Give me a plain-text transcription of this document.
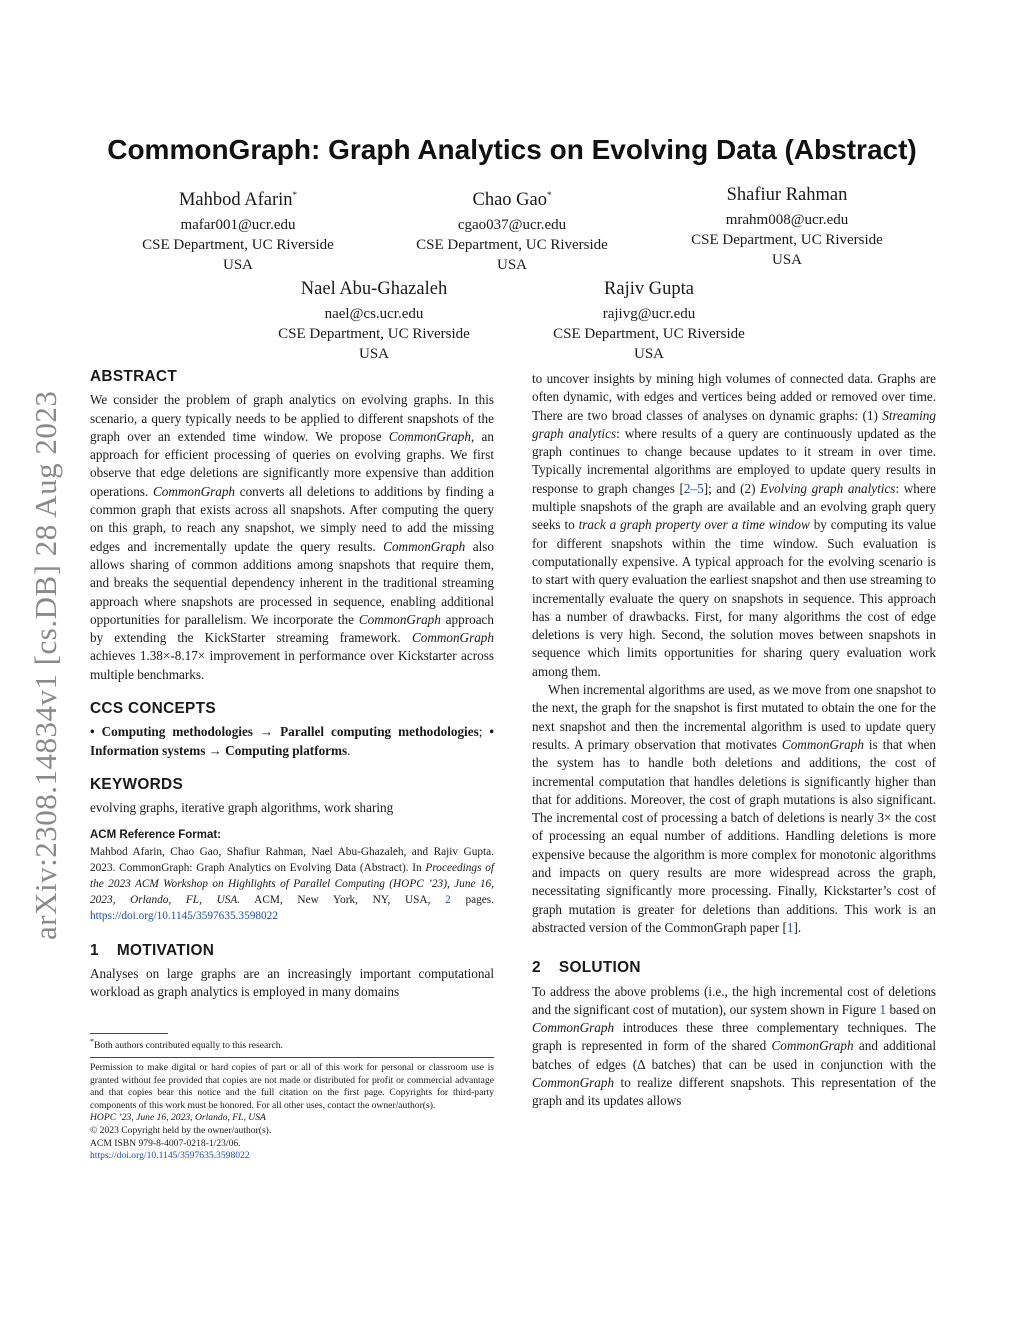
arXiv:2308.14834v1 [cs.DB] 28 Aug 2023
CommonGraph: Graph Analytics on Evolving Data (Abstract)
Mahbod Afarin*
mafar001@ucr.edu
CSE Department, UC Riverside
USA
Chao Gao*
cgao037@ucr.edu
CSE Department, UC Riverside
USA
Shafiur Rahman
mrahm008@ucr.edu
CSE Department, UC Riverside
USA
Nael Abu-Ghazaleh
nael@cs.ucr.edu
CSE Department, UC Riverside
USA
Rajiv Gupta
rajivg@ucr.edu
CSE Department, UC Riverside
USA
ABSTRACT

We consider the problem of graph analytics on evolving graphs. In this scenario, a query typically needs to be applied to different snapshots of the graph over an extended time window. We propose CommonGraph, an approach for efficient processing of queries on evolving graphs. We first observe that edge deletions are significantly more expensive than addition operations. CommonGraph converts all deletions to additions by finding a common graph that exists across all snapshots. After computing the query on this graph, to reach any snapshot, we simply need to add the missing edges and incrementally update the query results. CommonGraph also allows sharing of common additions among snapshots that require them, and breaks the sequential dependency inherent in the traditional streaming approach where snapshots are processed in sequence, enabling additional opportunities for parallelism. We incorporate the CommonGraph approach by extending the KickStarter streaming framework. CommonGraph achieves 1.38×-8.17× improvement in performance over Kickstarter across multiple benchmarks.

CCS CONCEPTS

• Computing methodologies → Parallel computing methodologies; • Information systems → Computing platforms.

KEYWORDS

evolving graphs, iterative graph algorithms, work sharing

ACM Reference Format:

Mahbod Afarin, Chao Gao, Shafiur Rahman, Nael Abu-Ghazaleh, and Rajiv Gupta. 2023. CommonGraph: Graph Analytics on Evolving Data (Abstract). In Proceedings of the 2023 ACM Workshop on Highlights of Parallel Computing (HOPC ’23), June 16, 2023, Orlando, FL, USA. ACM, New York, NY, USA, 2 pages. https://doi.org/10.1145/3597635.3598022

1 MOTIVATION

Analyses on large graphs are an increasingly important computational workload as graph analytics is employed in many domains

*Both authors contributed equally to this research.

Permission to make digital or hard copies of part or all of this work for personal or classroom use is granted without fee provided that copies are not made or distributed for profit or commercial advantage and that copies bear this notice and the full citation on the first page. Copyrights for third-party components of this work must be honored. For all other uses, contact the owner/author(s).

HOPC ’23, June 16, 2023, Orlando, FL, USA
© 2023 Copyright held by the owner/author(s).
ACM ISBN 979-8-4007-0218-1/23/06.
https://doi.org/10.1145/3597635.3598022

to uncover insights by mining high volumes of connected data. Graphs are often dynamic, with edges and vertices being added or removed over time. There are two broad classes of analyses on dynamic graphs: (1) Streaming graph analytics: where results of a query are continuously updated as the graph continues to change because updates to it stream in over time. Typically incremental algorithms are employed to update query results in response to graph changes [2–5]; and (2) Evolving graph analytics: where multiple snapshots of the graph are available and an evolving graph query seeks to track a graph property over a time window by computing its value for different snapshots within the time window. Such evaluation is computationally expensive. A typical approach for the evolving scenario is to start with query evaluation the earliest snapshot and then use streaming to incrementally evaluate the query on snapshots in sequence. This approach has a number of drawbacks. First, for many algorithms the cost of edge deletions is very high. Second, the solution moves between snapshots in sequence which limits opportunities for sharing query evaluation work among them.

When incremental algorithms are used, as we move from one snapshot to the next, the graph for the snapshot is first mutated to obtain the one for the next snapshot and then the incremental algorithm is used to update query results. A primary observation that motivates CommonGraph is that when the system has to handle both deletions and additions, the cost of incremental computation that handles deletions is significantly higher than that for additions. Moreover, the cost of graph mutations is also significant. The incremental cost of processing a batch of deletions is nearly 3× the cost of processing an equal number of additions. Handling deletions is more expensive because the algorithm is more complex for monotonic algorithms and impacts on query results are more widespread across the graph, necessitating significantly more processing. Finally, Kickstarter’s cost of graph mutation is greater for deletions than additions. This work is an abstracted version of the CommonGraph paper [1].

2 SOLUTION

To address the above problems (i.e., the high incremental cost of deletions and the significant cost of mutation), our system shown in Figure 1 based on CommonGraph introduces these three complementary techniques. The graph is represented in form of the shared CommonGraph and additional batches of edges (Δ batches) that can be used in conjunction with the CommonGraph to realize different snapshots. This representation of the graph and its updates allows
